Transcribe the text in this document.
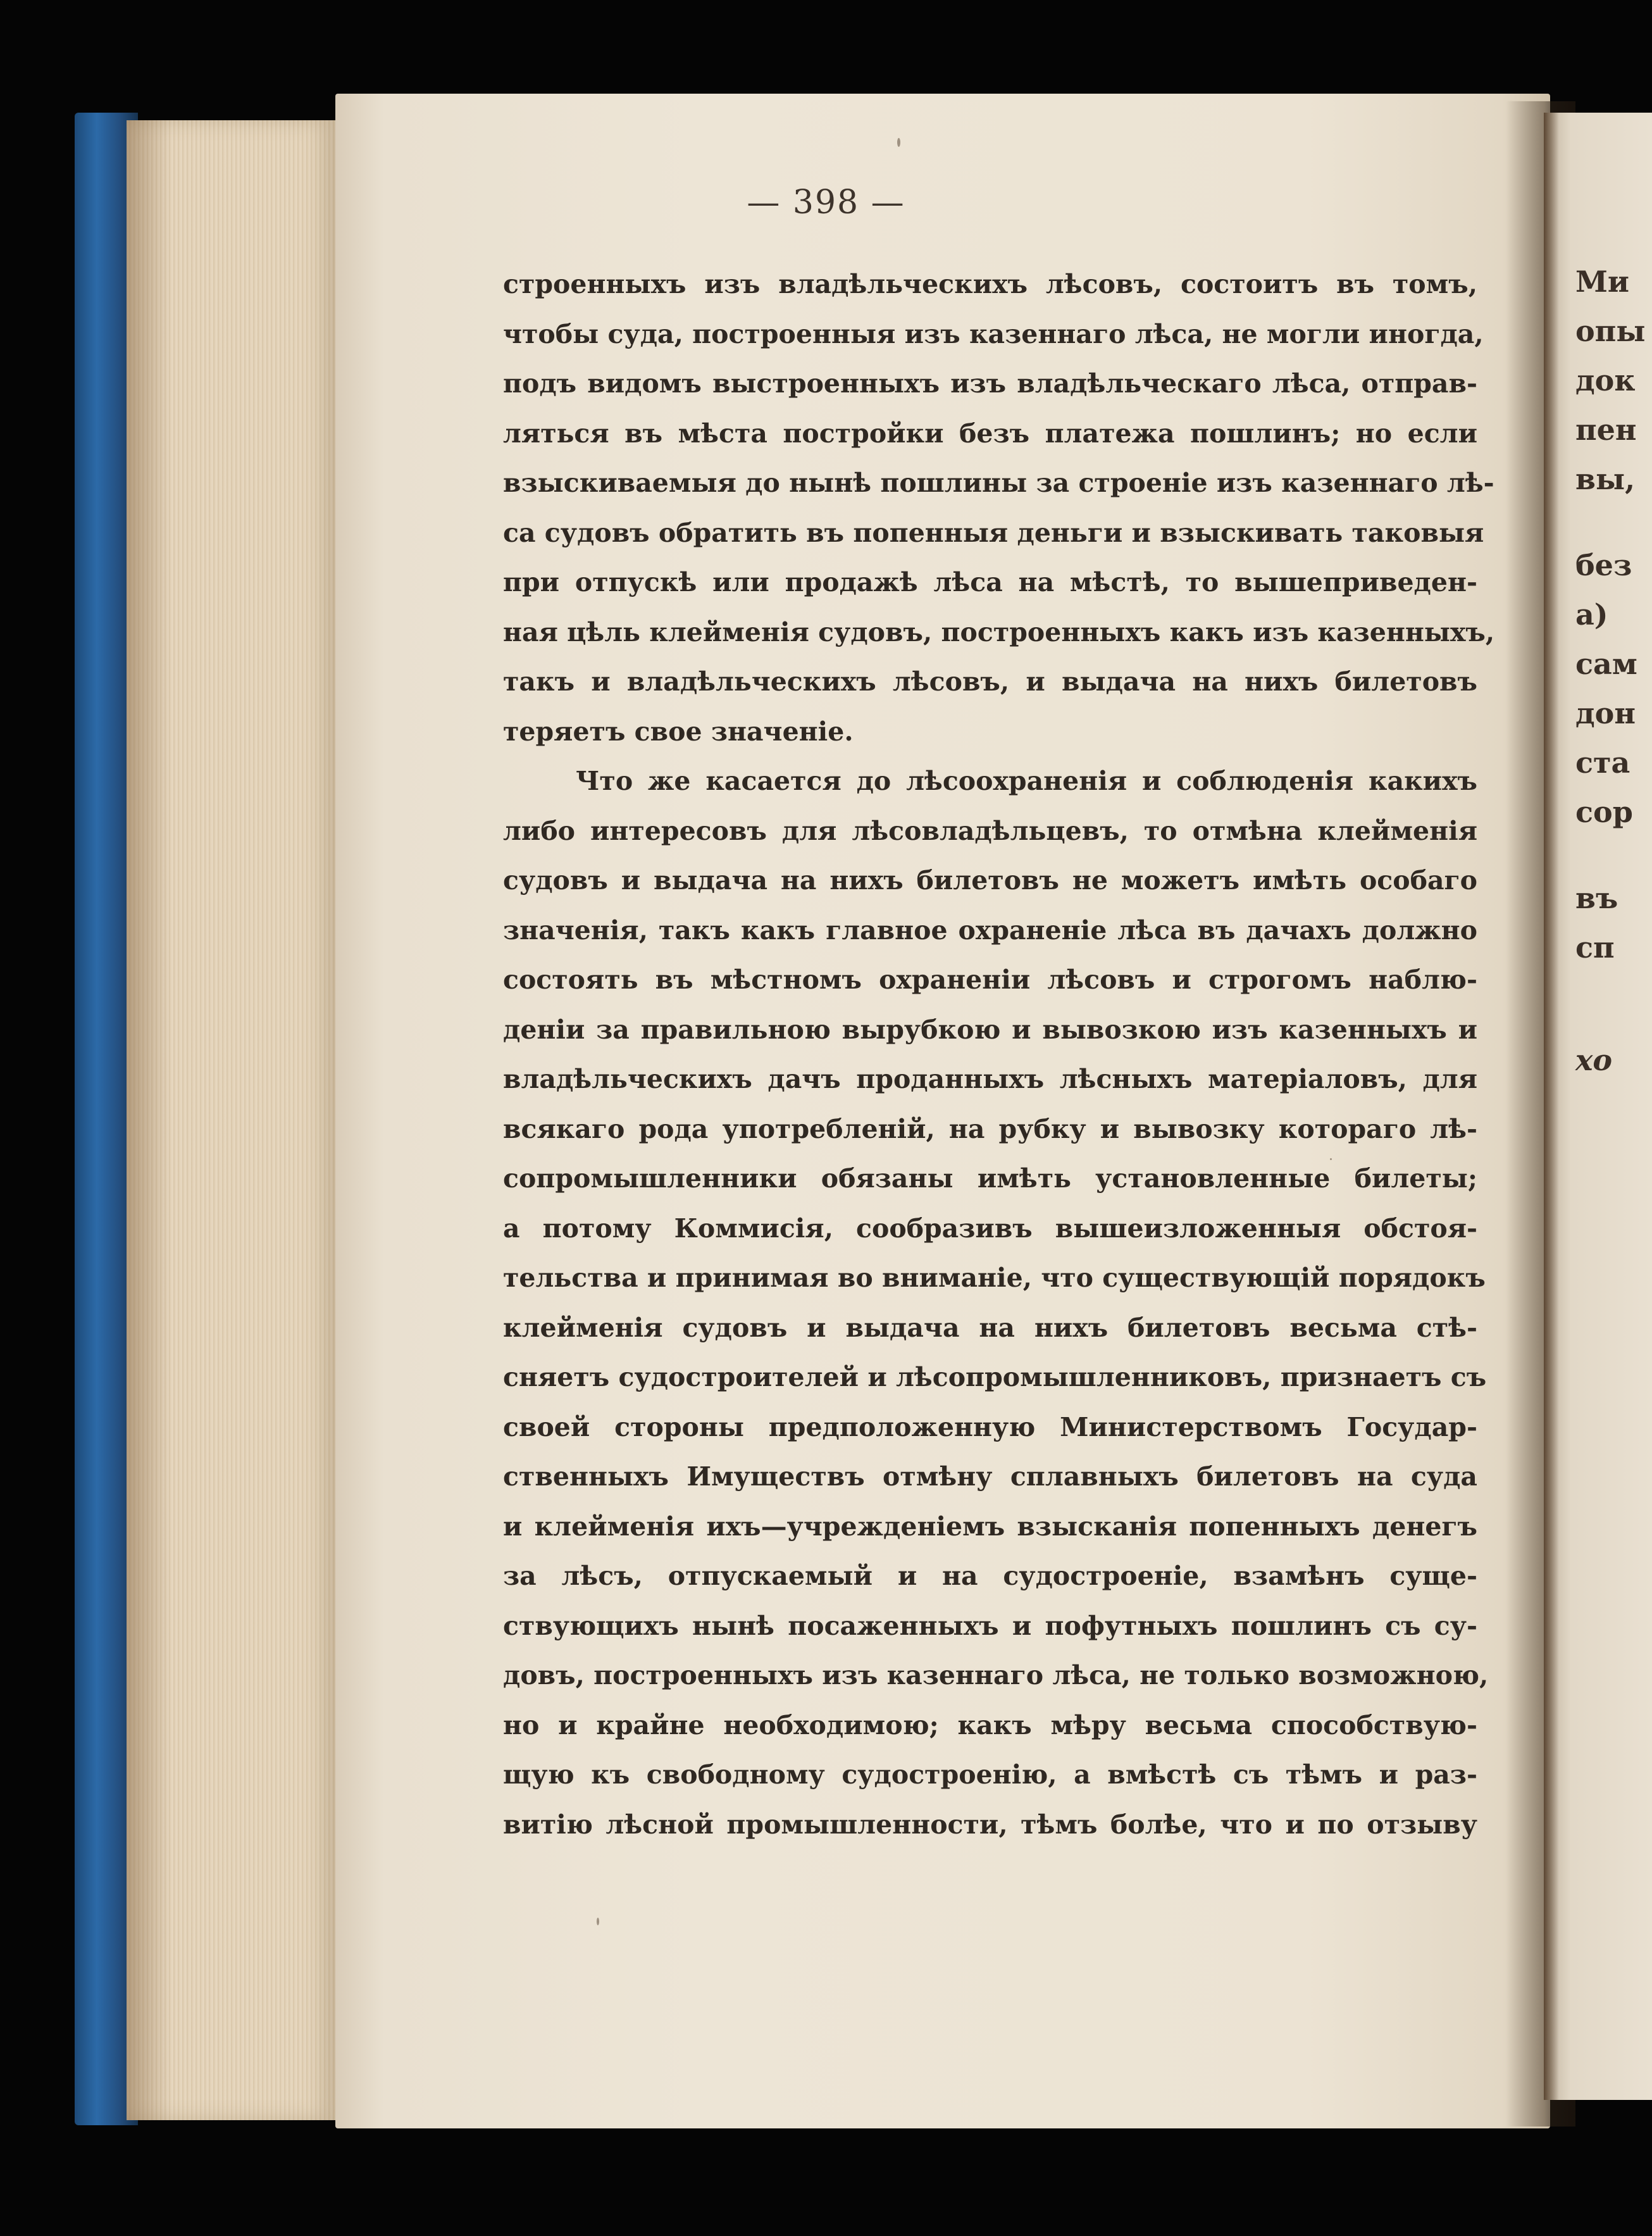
Ми
опы
док
пен
вы,
без
а)
сам
дон
ста
сор
въ
сп
хо
— 398 —
строенныхъ изъ владѣльческихъ лѣсовъ, состоитъ въ томъ,
чтобы суда, построенныя изъ казеннаго лѣса, не могли иногда,
подъ видомъ выстроенныхъ изъ владѣльческаго лѣса, отправ-
ляться въ мѣста постройки безъ платежа пошлинъ; но если
взыскиваемыя до нынѣ пошлины за строеніе изъ казеннаго лѣ-
са судовъ обратить въ попенныя деньги и взыскивать таковыя
при отпускѣ или продажѣ лѣса на мѣстѣ, то вышеприведен-
ная цѣль клейменія судовъ, построенныхъ какъ изъ казенныхъ,
такъ и владѣльческихъ лѣсовъ, и выдача на нихъ билетовъ
теряетъ свое значеніе.
Что же касается до лѣсоохраненія и соблюденія какихъ
либо интересовъ для лѣсовладѣльцевъ, то отмѣна клейменія
судовъ и выдача на нихъ билетовъ не можетъ имѣть особаго
значенія, такъ какъ главное охраненіе лѣса въ дачахъ должно
состоять въ мѣстномъ охраненіи лѣсовъ и строгомъ наблю-
деніи за правильною вырубкою и вывозкою изъ казенныхъ и
владѣльческихъ дачъ проданныхъ лѣсныхъ матеріаловъ, для
всякаго рода употребленій, на рубку и вывозку котораго лѣ-
сопромышленники обязаны имѣть установленные билеты;
а потому Коммисія, сообразивъ вышеизложенныя обстоя-
тельства и принимая во вниманіе, что существующій порядокъ
клейменія судовъ и выдача на нихъ билетовъ весьма стѣ-
сняетъ судостроителей и лѣсопромышленниковъ, признаетъ съ
своей стороны предположенную Министерствомъ Государ-
ственныхъ Имуществъ отмѣну сплавныхъ билетовъ на суда
и клейменія ихъ—учрежденіемъ взысканія попенныхъ денегъ
за лѣсъ, отпускаемый и на судостроеніе, взамѣнъ суще-
ствующихъ нынѣ посаженныхъ и пофутныхъ пошлинъ съ су-
довъ, построенныхъ изъ казеннаго лѣса, не только возможною,
но и крайне необходимою; какъ мѣру весьма способствую-
щую къ свободному судостроенію, а вмѣстѣ съ тѣмъ и раз-
витію лѣсной промышленности, тѣмъ болѣе, что и по отзыву
